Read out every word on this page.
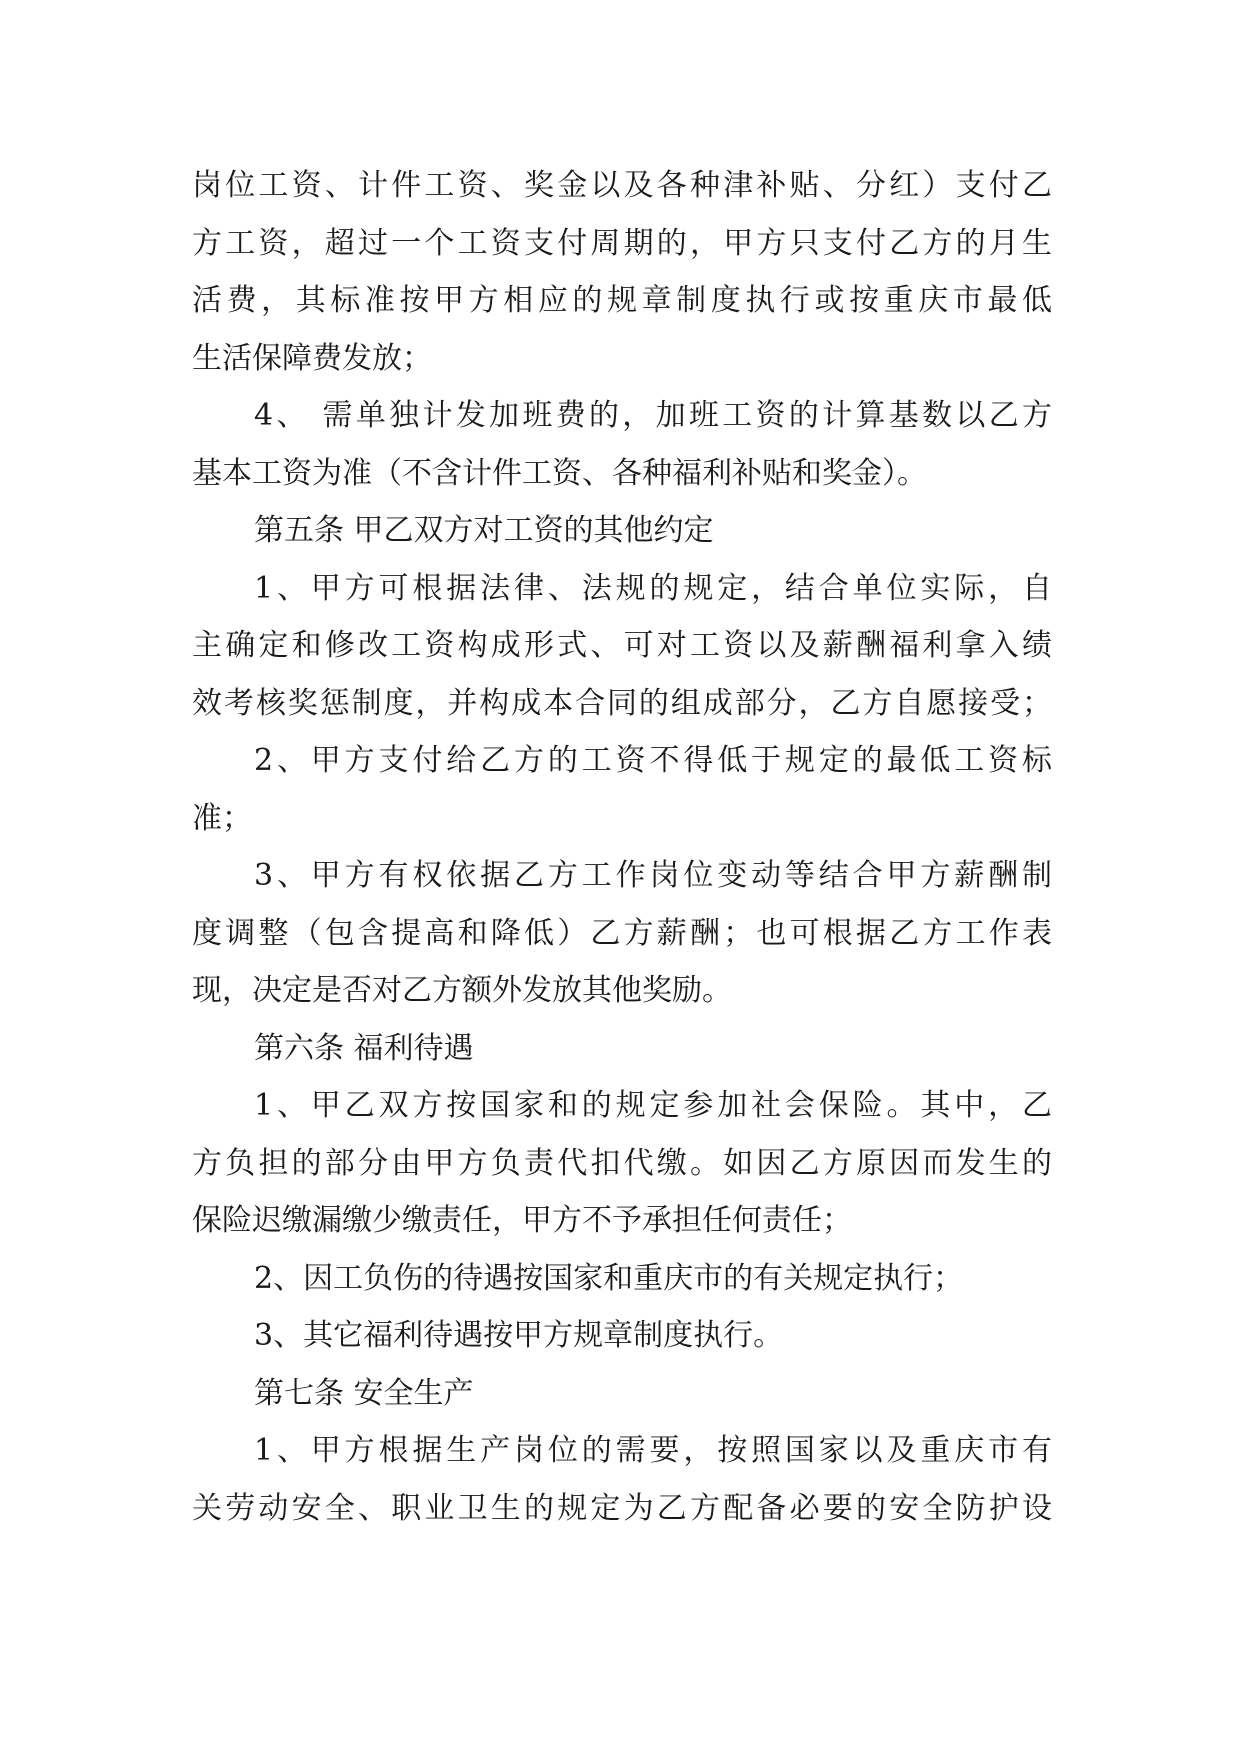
岗位工资、计件工资、奖金以及各种津补贴、分红）支付乙
方工资，超过一个工资支付周期的，甲方只支付乙方的月生
活费，其标准按甲方相应的规章制度执行或按重庆市最低
生活保障费发放；
4、 需单独计发加班费的，加班工资的计算基数以乙方
基本工资为准（不含计件工资、各种福利补贴和奖金）。
第五条 甲乙双方对工资的其他约定
1、甲方可根据法律、法规的规定，结合单位实际，自
主确定和修改工资构成形式、可对工资以及薪酬福利拿入绩
效考核奖惩制度，并构成本合同的组成部分，乙方自愿接受；
2、甲方支付给乙方的工资不得低于规定的最低工资标
准；
3、甲方有权依据乙方工作岗位变动等结合甲方薪酬制
度调整（包含提高和降低）乙方薪酬；也可根据乙方工作表
现，决定是否对乙方额外发放其他奖励。
第六条 福利待遇
1、甲乙双方按国家和的规定参加社会保险。其中，乙
方负担的部分由甲方负责代扣代缴。如因乙方原因而发生的
保险迟缴漏缴少缴责任，甲方不予承担任何责任；
2、因工负伤的待遇按国家和重庆市的有关规定执行；
3、其它福利待遇按甲方规章制度执行。
第七条 安全生产
1、甲方根据生产岗位的需要，按照国家以及重庆市有
关劳动安全、职业卫生的规定为乙方配备必要的安全防护设
